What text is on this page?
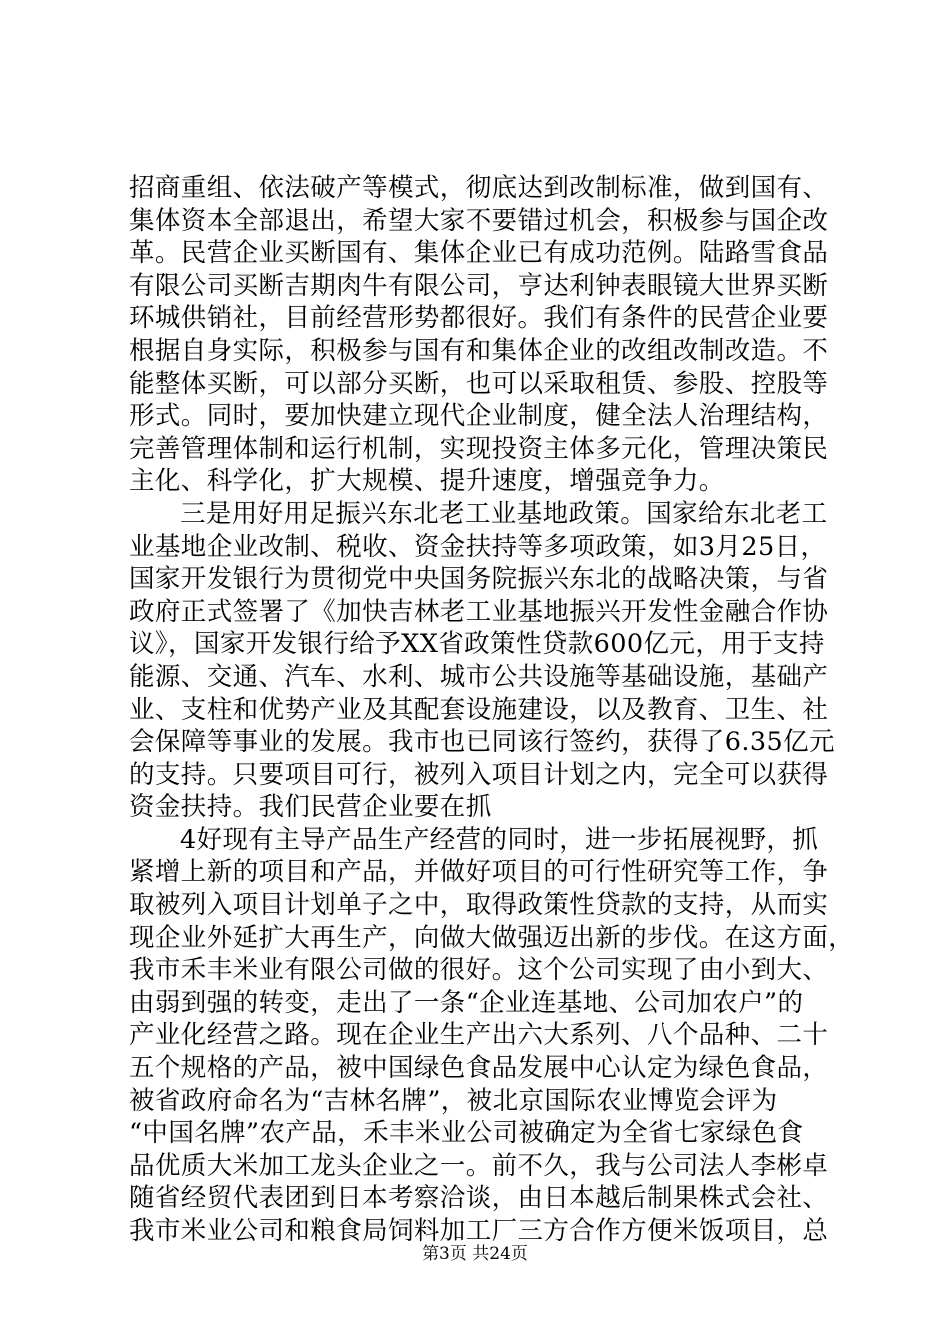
招商重组、依法破产等模式，彻底达到改制标准，做到国有、
集体资本全部退出，希望大家不要错过机会，积极参与国企改
革。民营企业买断国有、集体企业已有成功范例。陆路雪食品
有限公司买断吉期肉牛有限公司，亨达利钟表眼镜大世界买断
环城供销社，目前经营形势都很好。我们有条件的民营企业要
根据自身实际，积极参与国有和集体企业的改组改制改造。不
能整体买断，可以部分买断，也可以采取租赁、参股、控股等
形式。同时，要加快建立现代企业制度，健全法人治理结构，
完善管理体制和运行机制，实现投资主体多元化，管理决策民
主化、科学化，扩大规模、提升速度，增强竞争力。
三是用好用足振兴东北老工业基地政策。国家给东北老工
业基地企业改制、税收、资金扶持等多项政策，如3月25日，
国家开发银行为贯彻党中央国务院振兴东北的战略决策，与省
政府正式签署了《加快吉林老工业基地振兴开发性金融合作协
议》，国家开发银行给予XX省政策性贷款600亿元，用于支持
能源、交通、汽车、水利、城市公共设施等基础设施，基础产
业、支柱和优势产业及其配套设施建设，以及教育、卫生、社
会保障等事业的发展。我市也已同该行签约，获得了6.35亿元
的支持。只要项目可行，被列入项目计划之内，完全可以获得
资金扶持。我们民营企业要在抓
4好现有主导产品生产经营的同时，进一步拓展视野，抓
紧增上新的项目和产品，并做好项目的可行性研究等工作，争
取被列入项目计划单子之中，取得政策性贷款的支持，从而实
现企业外延扩大再生产，向做大做强迈出新的步伐。在这方面，
我市禾丰米业有限公司做的很好。这个公司实现了由小到大、
由弱到强的转变，走出了一条“企业连基地、公司加农户”的
产业化经营之路。现在企业生产出六大系列、八个品种、二十
五个规格的产品，被中国绿色食品发展中心认定为绿色食品，
被省政府命名为“吉林名牌”，被北京国际农业博览会评为
“中国名牌”农产品，禾丰米业公司被确定为全省七家绿色食
品优质大米加工龙头企业之一。前不久，我与公司法人李彬卓
随省经贸代表团到日本考察洽谈，由日本越后制果株式会社、
我市米业公司和粮食局饲料加工厂三方合作方便米饭项目，总
第3页 共24页
